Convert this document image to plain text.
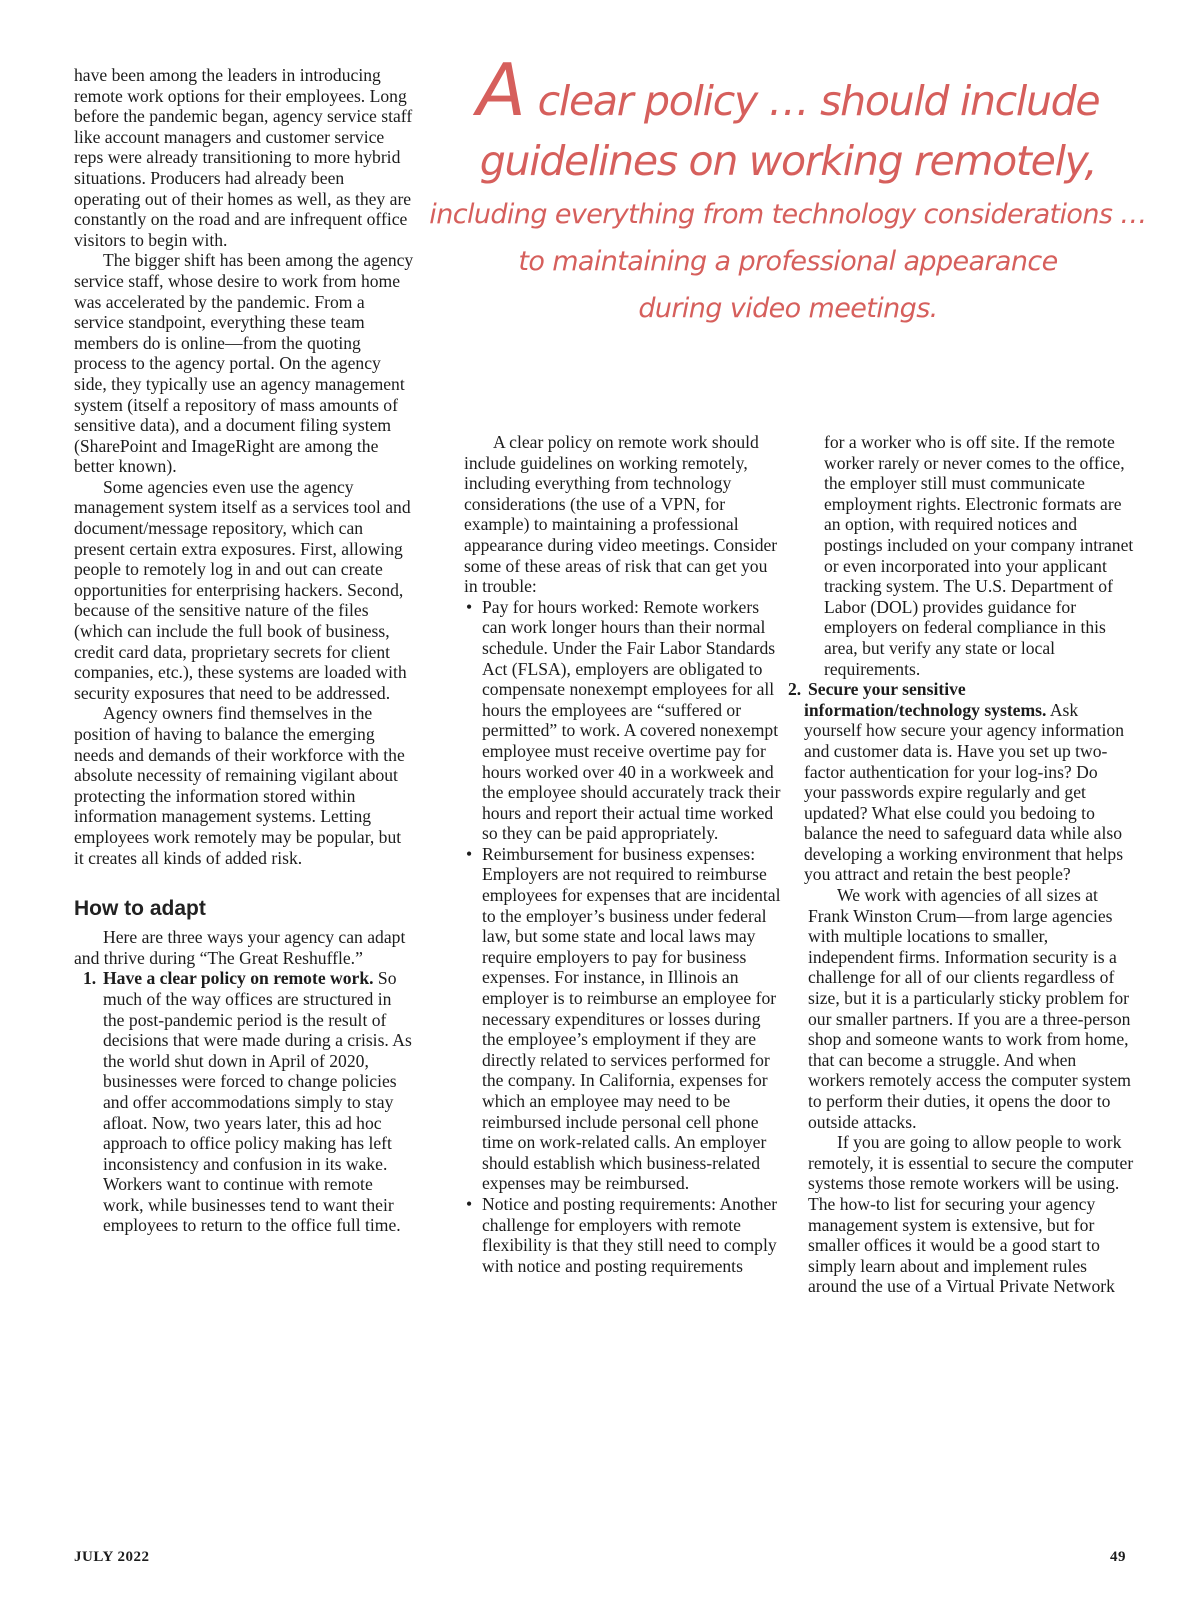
A clear policy … should include
guidelines on working remotely,
including everything from technology considerations …
to maintaining a professional appearance
during video meetings.

have been among the leaders in introducing remote work options for their employees. Long before the pandemic began, agency service staff like account managers and customer service reps were already transitioning to more hybrid situations. Producers had already been operating out of their homes as well, as they are constantly on the road and are infrequent office visitors to begin with.

The bigger shift has been among the agency service staff, whose desire to work from home was accelerated by the pandemic. From a service standpoint, everything these team members do is online—from the quoting process to the agency portal. On the agency side, they typically use an agency management system (itself a repository of mass amounts of sensitive data), and a document filing system (SharePoint and ImageRight are among the better known).

Some agencies even use the agency management system itself as a services tool and document/message repository, which can present certain extra exposures. First, allowing people to remotely log in and out can create opportunities for enterprising hackers. Second, because of the sensitive nature of the files (which can include the full book of business, credit card data, proprietary secrets for client companies, etc.), these systems are loaded with security exposures that need to be addressed.

Agency owners find themselves in the position of having to balance the emerging needs and demands of their workforce with the absolute necessity of remaining vigilant about protecting the information stored within information management systems. Letting employees work remotely may be popular, but it creates all kinds of added risk.

How to adapt

Here are three ways your agency can adapt and thrive during “The Great Reshuffle.”

1. Have a clear policy on remote work. So much of the way offices are structured in the post-pandemic period is the result of decisions that were made during a crisis. As the world shut down in April of 2020, businesses were forced to change policies and offer accommodations simply to stay afloat. Now, two years later, this ad hoc approach to office policy making has left inconsistency and confusion in its wake. Workers want to continue with remote work, while businesses tend to want their employees to return to the office full time.

A clear policy on remote work should include guidelines on working remotely, including everything from technology considerations (the use of a VPN, for example) to maintaining a professional appearance during video meetings. Consider some of these areas of risk that can get you in trouble:

• Pay for hours worked: Remote workers can work longer hours than their normal schedule. Under the Fair Labor Standards Act (FLSA), employers are obligated to compensate nonexempt employees for all hours the employees are “suffered or permitted” to work. A covered nonexempt employee must receive overtime pay for hours worked over 40 in a workweek and the employee should accurately track their hours and report their actual time worked so they can be paid appropriately.
• Reimbursement for business expenses: Employers are not required to reimburse employees for expenses that are incidental to the employer’s business under federal law, but some state and local laws may require employers to pay for business expenses. For instance, in Illinois an employer is to reimburse an employee for necessary expenditures or losses during the employee’s employment if they are directly related to services performed for the company. In California, expenses for which an employee may need to be reimbursed include personal cell phone time on work-related calls. An employer should establish which business-related expenses may be reimbursed.
• Notice and posting requirements: Another challenge for employers with remote flexibility is that they still need to comply with notice and posting requirements

for a worker who is off site. If the remote worker rarely or never comes to the office, the employer still must communicate employment rights. Electronic formats are an option, with required notices and postings included on your company intranet or even incorporated into your applicant tracking system. The U.S. Department of Labor (DOL) provides guidance for employers on federal compliance in this area, but verify any state or local requirements.

2. Secure your sensitive information/technology systems. Ask yourself how secure your agency information and customer data is. Have you set up two-factor authentication for your log-ins? Do your passwords expire regularly and get updated? What else could you bedoing to balance the need to safeguard data while also developing a working environment that helps you attract and retain the best people?

We work with agencies of all sizes at Frank Winston Crum—from large agencies with multiple locations to smaller, independent firms. Information security is a challenge for all of our clients regardless of size, but it is a particularly sticky problem for our smaller partners. If you are a three-person shop and someone wants to work from home, that can become a struggle. And when workers remotely access the computer system to perform their duties, it opens the door to outside attacks.

If you are going to allow people to work remotely, it is essential to secure the computer systems those remote workers will be using. The how-to list for securing your agency management system is extensive, but for smaller offices it would be a good start to simply learn about and implement rules around the use of a Virtual Private Network

JULY 2022	49
